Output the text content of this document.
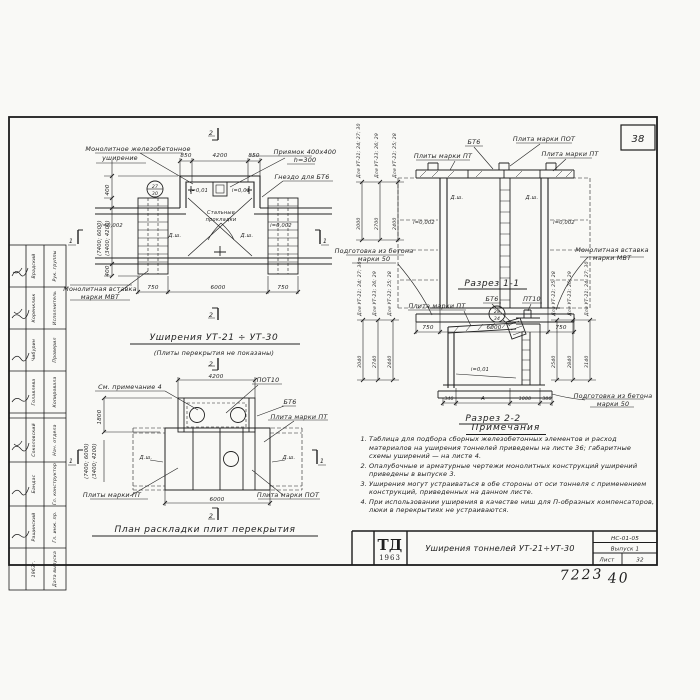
38
Монолитное железобетонное
уширение
Приямок 400х400
h=300
Гнездо для БТ6
Стальные
прокладки
Монолитная вставка
марки МВТ
i=0,01	i=0,01
i=0,002	i=0,002
Д.ш.	Д.ш.
850	4200	850
750	6000	750
400
(7400; 6000) (3400; 4200)
400
27
30
2
2
1	1
Уширения УТ-21 ÷ УТ-30
(Плиты перекрытия не показаны)
Плиты марки ПТ
БТ6	Плита марки ПОТ
Плита марки ПТ
Д.ш.	Д.ш.
i=0,002	i=0,002
Монолитная вставка
марки МВТ
Подготовка из бетона
марки 50
750	6000	750
Для УТ-21; 24; 27; 30	Для УТ-23; 26; 29	Для УТ-22; 25; 28
3000	2700	2400
Разрез 1-1
Плита марки ПТ
БТ6	ПТ10
i=0,01
28
34
Подготовка из бетона
марки 50
340	А	1000 300
Для УТ-21; 24; 27; 30 Для УТ-23; 26; 29 Для УТ-22; 25; 28
3040 2740 2440
Для УТ-22; 25; 28 Для УТ-23; 26; 29	Для УТ-21; 24; 27; 30
2540 2840	3140
Разрез 2-2
См. примечание 4
ПОТ10
БТ6
Плита марки ПТ
Плиты марки ПТ	Плита марки ПОТ
Д.ш.	Д.ш.
4200
6000
1800
(7400; 6000) (3400; 4200)
2
2
1	1
План раскладки плит перекрытия
ТД
1963
Уширения тоннелей УТ-21÷УТ-30
НС-01-05
Выпуск 1
Лист	32
7223 40
Рук. группы
Врадский
Исполнитель
Коренклюк
Проверил
Чибурин
Копировала
Голавлева
Нач. отдела
Соколовский
Гл. конструктор
Бандас
Гл. инж. пр.
Ращинский
Дата выпуска
1963г.
Примечания
1. Таблица для подбора сборных железобетонных элементов и расход материалов на уширения тоннелей приведены на листе 36; габаритные схемы уширений — на листе 4.
2. Опалубочные и арматурные чертежи монолитных конструкций уширений приведены в выпуске 3.
3. Уширения могут устраиваться в обе стороны от оси тоннеля с применением конструкций, приведенных на данном листе.
4. При использовании уширения в качестве ниш для П-образных компенсаторов, люки в перекрытиях не устраиваются.
